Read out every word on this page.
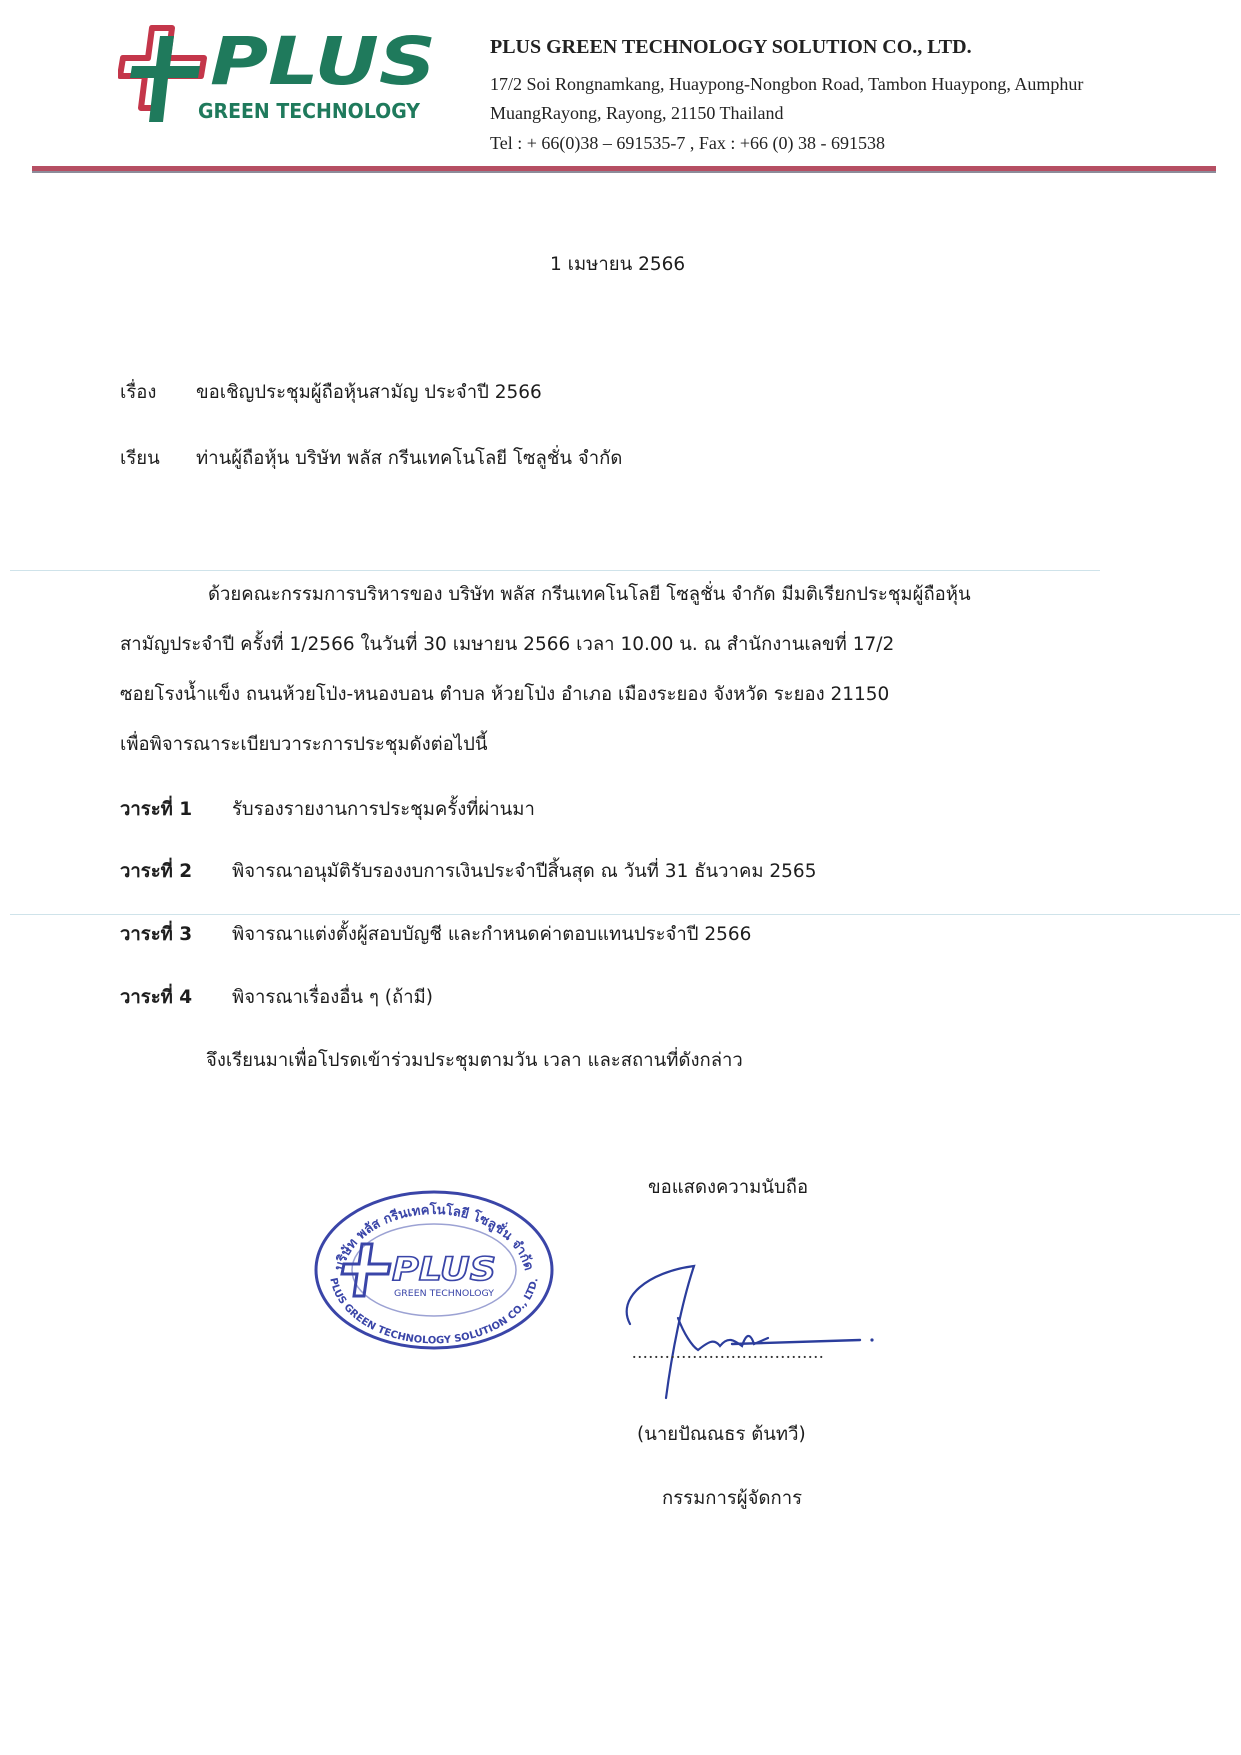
PLUS
GREEN TECHNOLOGY
PLUS GREEN TECHNOLOGY SOLUTION CO., LTD.
17/2 Soi Rongnamkang, Huaypong-Nongbon Road, Tambon Huaypong, Aumphur
MuangRayong, Rayong, 21150 Thailand
Tel : + 66(0)38 – 691535-7 , Fax : +66 (0) 38 - 691538
1 เมษายน 2566
เรื่อง ขอเชิญประชุมผู้ถือหุ้นสามัญ ประจำปี 2566
เรียน ท่านผู้ถือหุ้น บริษัท พลัส กรีนเทคโนโลยี โซลูชั่น จำกัด
ด้วยคณะกรรมการบริหารของ บริษัท พลัส กรีนเทคโนโลยี โซลูชั่น จำกัด มีมติเรียกประชุมผู้ถือหุ้น
สามัญประจำปี ครั้งที่ 1/2566 ในวันที่ 30 เมษายน 2566 เวลา 10.00 น. ณ สำนักงานเลขที่ 17/2
ซอยโรงน้ำแข็ง ถนนห้วยโป่ง-หนองบอน ตำบล ห้วยโป่ง อำเภอ เมืองระยอง จังหวัด ระยอง 21150
เพื่อพิจารณาระเบียบวาระการประชุมดังต่อไปนี้
วาระที่ 1 รับรองรายงานการประชุมครั้งที่ผ่านมา
วาระที่ 2 พิจารณาอนุมัติรับรองงบการเงินประจำปีสิ้นสุด ณ วันที่ 31 ธันวาคม 2565
วาระที่ 3 พิจารณาแต่งตั้งผู้สอบบัญชี และกำหนดค่าตอบแทนประจำปี 2566
วาระที่ 4 พิจารณาเรื่องอื่น ๆ (ถ้ามี)
จึงเรียนมาเพื่อโปรดเข้าร่วมประชุมตามวัน เวลา และสถานที่ดังกล่าว
ขอแสดงความนับถือ
บริษัท พลัส กรีนเทคโนโลยี โซลูชั่น จำกัด
PLUS GREEN TECHNOLOGY SOLUTION CO., LTD.
PLUS
GREEN TECHNOLOGY
...................................
(นายปัณณธร ต้นทวี)
กรรมการผู้จัดการ
